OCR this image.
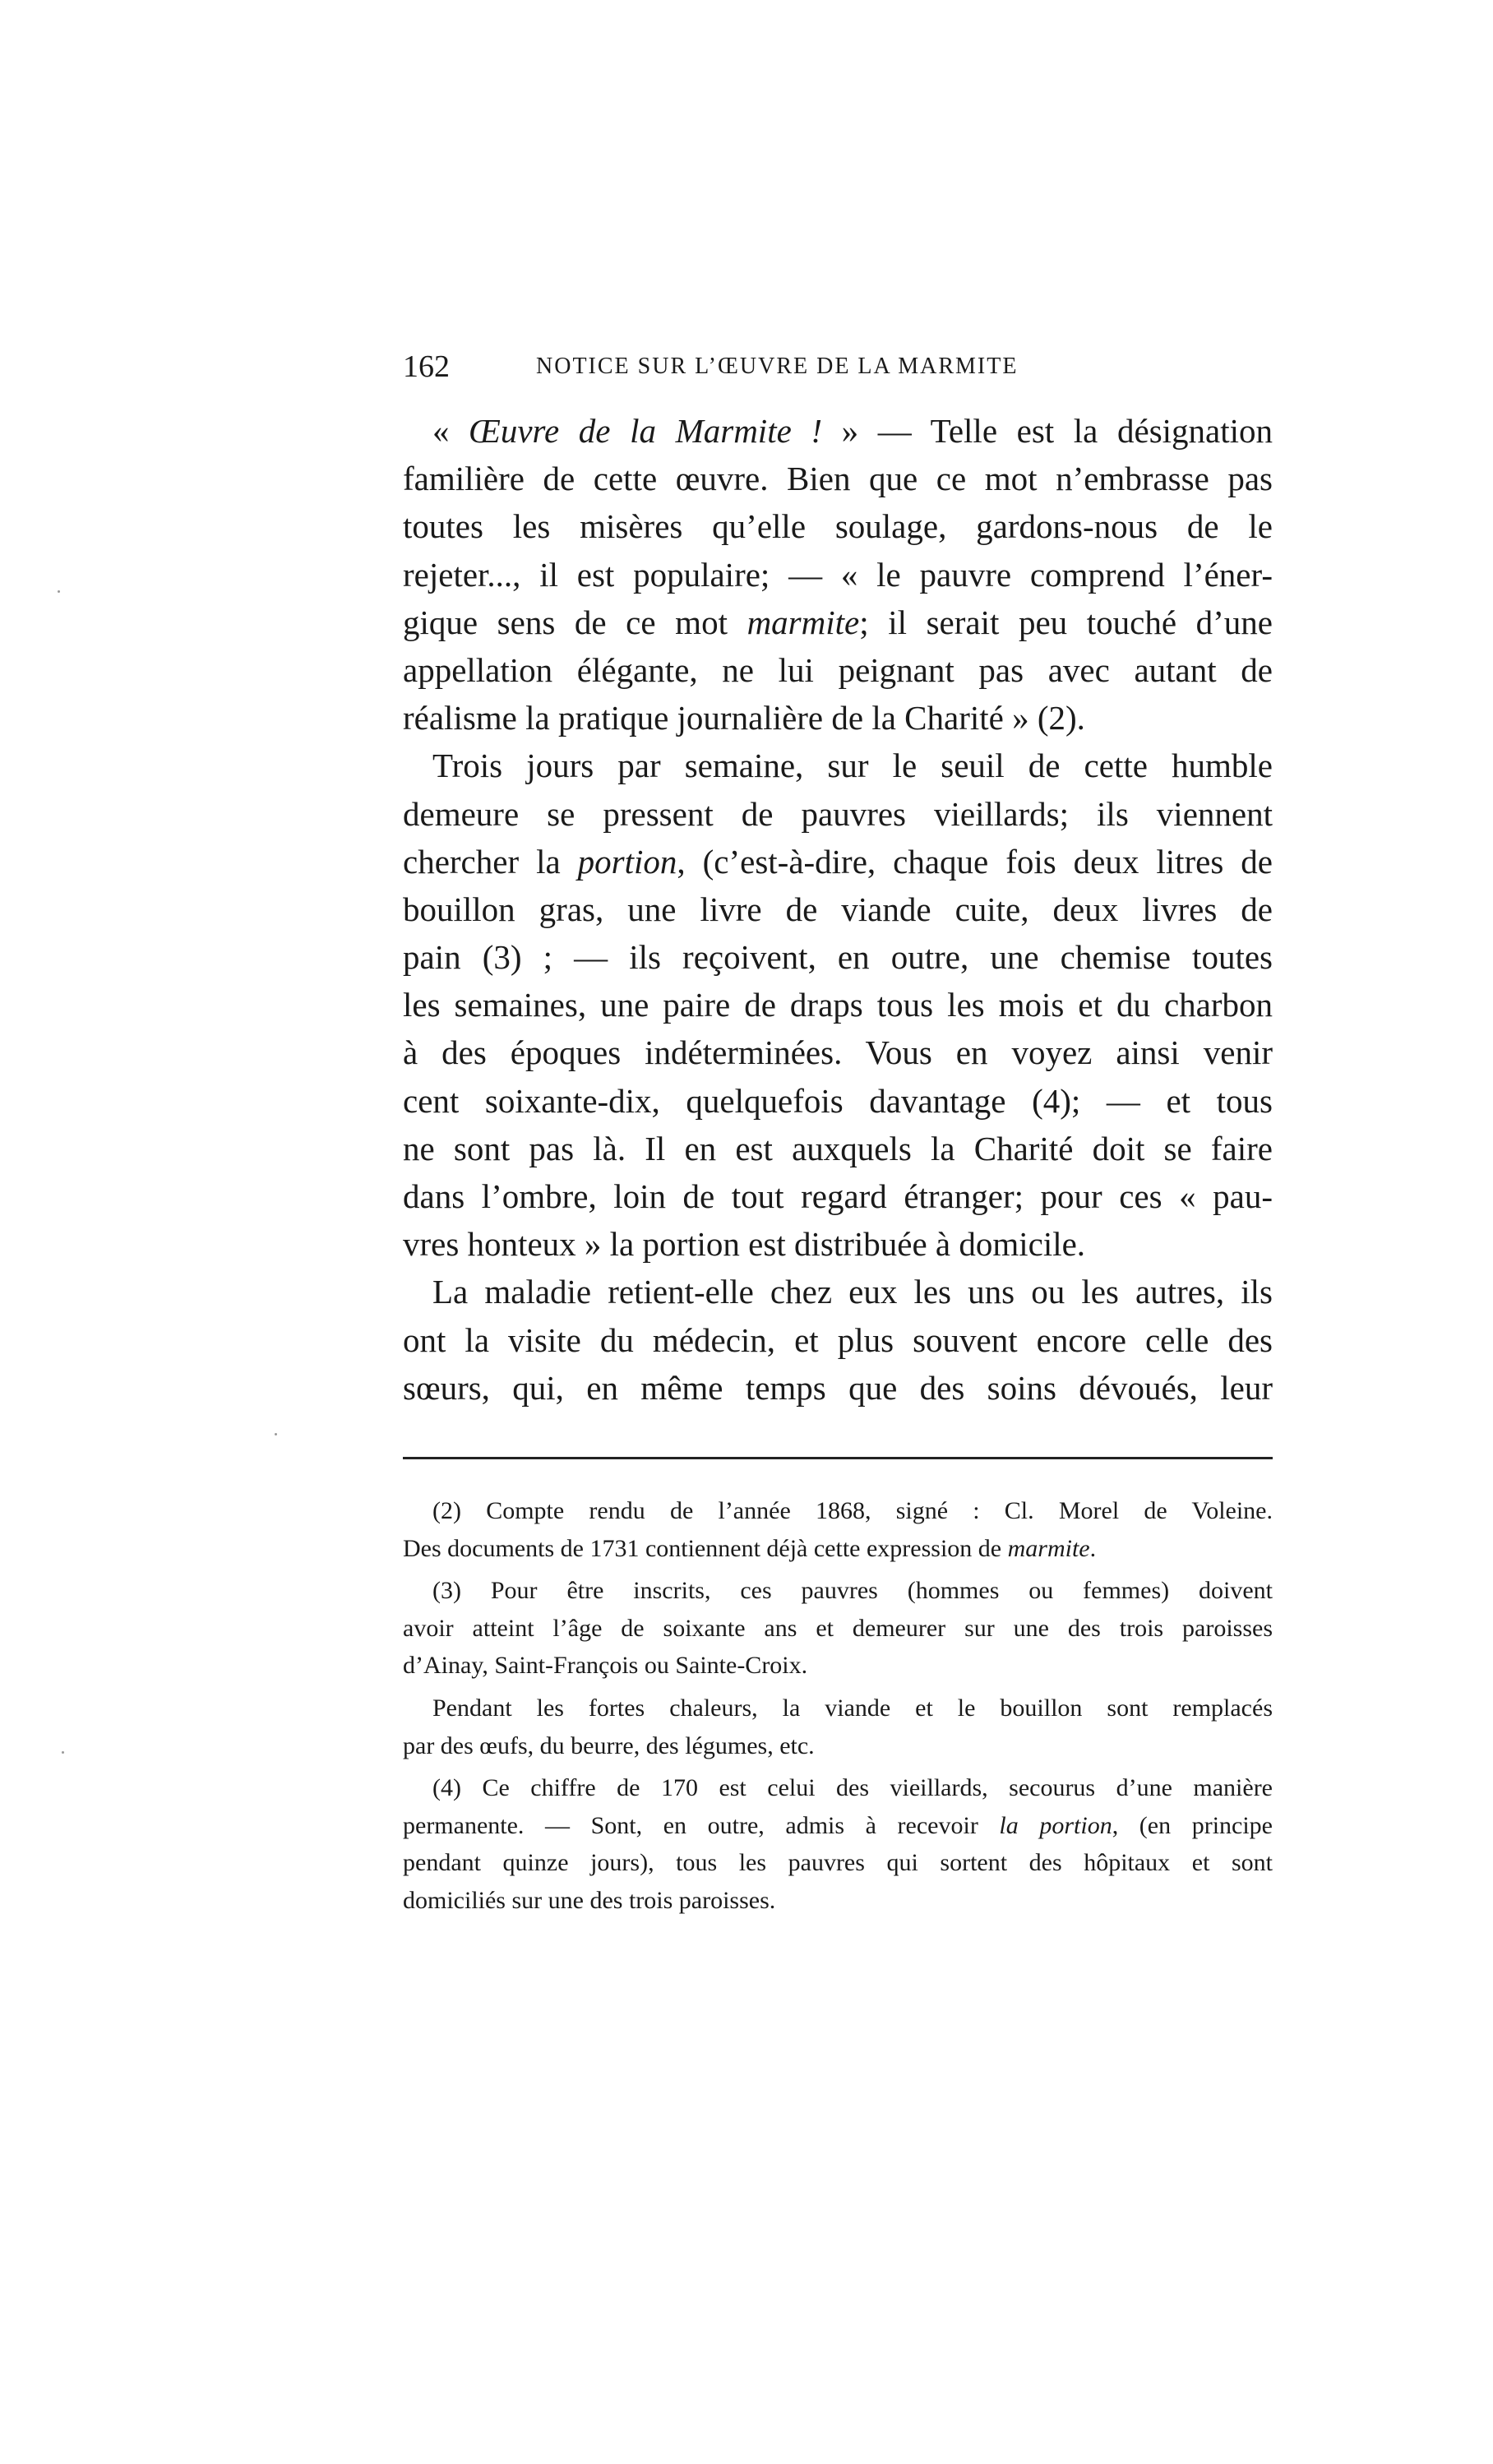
162	NOTICE SUR L’ŒUVRE DE LA MARMITE
« Œuvre de la Marmite ! » — Telle est la désignation
familière de cette œuvre. Bien que ce mot n’embrasse pas
toutes les misères qu’elle soulage, gardons-nous de le
rejeter..., il est populaire; — « le pauvre comprend l’éner-
gique sens de ce mot marmite; il serait peu touché d’une
appellation élégante, ne lui peignant pas avec autant de
réalisme la pratique journalière de la Charité » (2).
Trois jours par semaine, sur le seuil de cette humble
demeure se pressent de pauvres vieillards; ils viennent
chercher la portion, (c’est-à-dire, chaque fois deux litres de
bouillon gras, une livre de viande cuite, deux livres de
pain (3) ; — ils reçoivent, en outre, une chemise toutes
les semaines, une paire de draps tous les mois et du charbon
à des époques indéterminées. Vous en voyez ainsi venir
cent soixante-dix, quelquefois davantage (4); — et tous
ne sont pas là. Il en est auxquels la Charité doit se faire
dans l’ombre, loin de tout regard étranger; pour ces « pau-
vres honteux » la portion est distribuée à domicile.
La maladie retient-elle chez eux les uns ou les autres, ils
ont la visite du médecin, et plus souvent encore celle des
sœurs, qui, en même temps que des soins dévoués, leur
(2) Compte rendu de l’année 1868, signé : Cl. Morel de Voleine.
Des documents de 1731 contiennent déjà cette expression de marmite.
(3) Pour être inscrits, ces pauvres (hommes ou femmes) doivent
avoir atteint l’âge de soixante ans et demeurer sur une des trois paroisses
d’Ainay, Saint-François ou Sainte-Croix.
Pendant les fortes chaleurs, la viande et le bouillon sont remplacés
par des œufs, du beurre, des légumes, etc.
(4) Ce chiffre de 170 est celui des vieillards, secourus d’une manière
permanente. — Sont, en outre, admis à recevoir la portion, (en principe
pendant quinze jours), tous les pauvres qui sortent des hôpitaux et sont
domiciliés sur une des trois paroisses.
